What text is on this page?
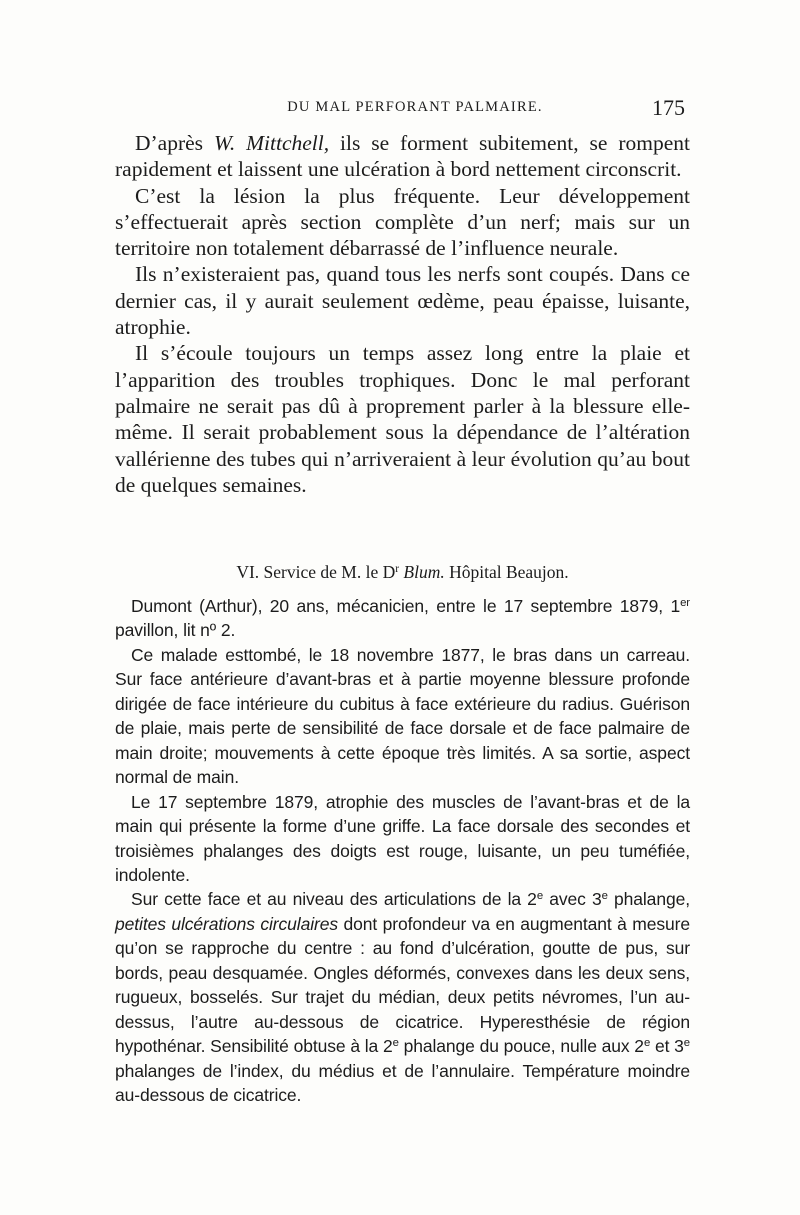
DU MAL PERFORANT PALMAIRE.	175

D’après W. Mittchell, ils se forment subitement, se rompent rapidement et laissent une ulcération à bord nettement circonscrit.

C’est la lésion la plus fréquente. Leur développement s’effectuerait après section complète d’un nerf; mais sur un territoire non totalement débarrassé de l’influence neurale.

Ils n’existeraient pas, quand tous les nerfs sont coupés. Dans ce dernier cas, il y aurait seulement œdème, peau épaisse, luisante, atrophie.

Il s’écoule toujours un temps assez long entre la plaie et l’apparition des troubles trophiques. Donc le mal perforant palmaire ne serait pas dû à proprement parler à la blessure elle-même. Il serait probablement sous la dépendance de l’altération vallérienne des tubes qui n’arriveraient à leur évolution qu’au bout de quelques semaines.

VI. Service de M. le $D^r$ Blum. Hôpital Beaujon.

Dumont (Arthur), 20 ans, mécanicien, entre le 17 septembre 1879, 1er pavillon, lit nº 2.

Ce malade esttombé, le 18 novembre 1877, le bras dans un carreau. Sur face antérieure d’avant-bras et à partie moyenne blessure profonde dirigée de face intérieure du cubitus à face extérieure du radius. Guérison de plaie, mais perte de sensibilité de face dorsale et de face palmaire de main droite; mouvements à cette époque très limités. A sa sortie, aspect normal de main.

Le 17 septembre 1879, atrophie des muscles de l’avant-bras et de la main qui présente la forme d’une griffe. La face dorsale des secondes et troisièmes phalanges des doigts est rouge, luisante, un peu tuméfiée, indolente.

Sur cette face et au niveau des articulations de la 2e avec 3e phalange, petites ulcérations circulaires dont profondeur va en augmentant à mesure qu’on se rapproche du centre : au fond d’ulcération, goutte de pus, sur bords, peau desquamée. Ongles déformés, convexes dans les deux sens, rugueux, bosselés. Sur trajet du médian, deux petits névromes, l’un au-dessus, l’autre au-dessous de cicatrice. Hyperesthésie de région hypothénar. Sensibilité obtuse à la 2e phalange du pouce, nulle aux 2e et 3e phalanges de l’index, du médius et de l’annulaire. Température moindre au-dessous de cicatrice.
